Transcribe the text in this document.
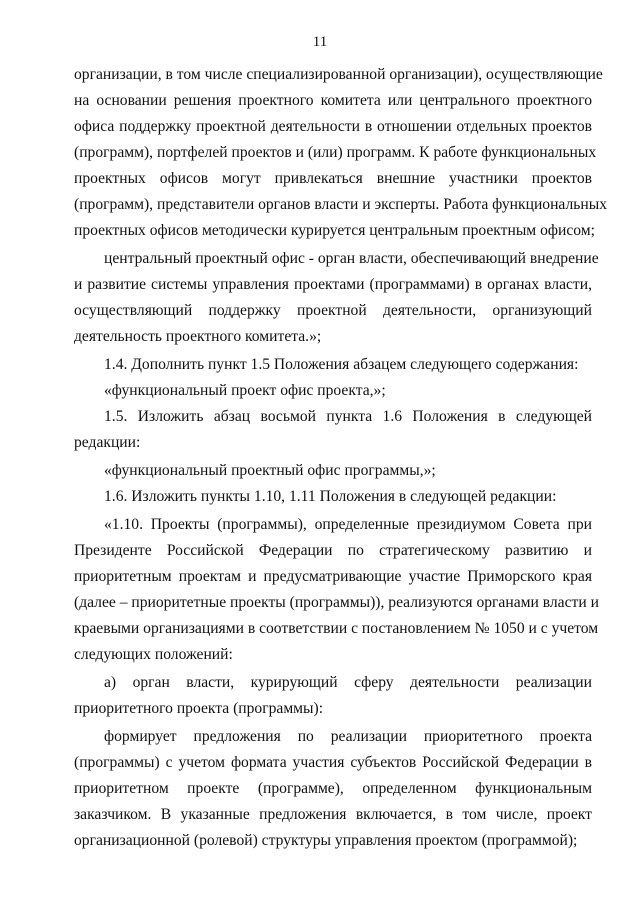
11
организации, в том числе специализированной организации), осуществляющие
на основании решения проектного комитета или центрального проектного
офиса поддержку проектной деятельности в отношении отдельных проектов
(программ), портфелей проектов и (или) программ. К работе функциональных
проектных офисов могут привлекаться внешние участники проектов
(программ), представители органов власти и эксперты. Работа функциональных
проектных офисов методически курируется центральным проектным офисом;
центральный проектный офис - орган власти, обеспечивающий внедрение
и развитие системы управления проектами (программами) в органах власти,
осуществляющий поддержку проектной деятельности, организующий
деятельность проектного комитета.»;
1.4. Дополнить пункт 1.5 Положения абзацем следующего содержания:
«функциональный проект офис проекта,»;
1.5. Изложить абзац восьмой пункта 1.6 Положения в следующей
редакции:
«функциональный проектный офис программы,»;
1.6. Изложить пункты 1.10, 1.11 Положения в следующей редакции:
«1.10. Проекты (программы), определенные президиумом Совета при
Президенте Российской Федерации по стратегическому развитию и
приоритетным проектам и предусматривающие участие Приморского края
(далее – приоритетные проекты (программы)), реализуются органами власти и
краевыми организациями в соответствии с постановлением № 1050 и с учетом
следующих положений:
а) орган власти, курирующий сферу деятельности реализации
приоритетного проекта (программы):
формирует предложения по реализации приоритетного проекта
(программы) с учетом формата участия субъектов Российской Федерации в
приоритетном проекте (программе), определенном функциональным
заказчиком. В указанные предложения включается, в том числе, проект
организационной (ролевой) структуры управления проектом (программой);
